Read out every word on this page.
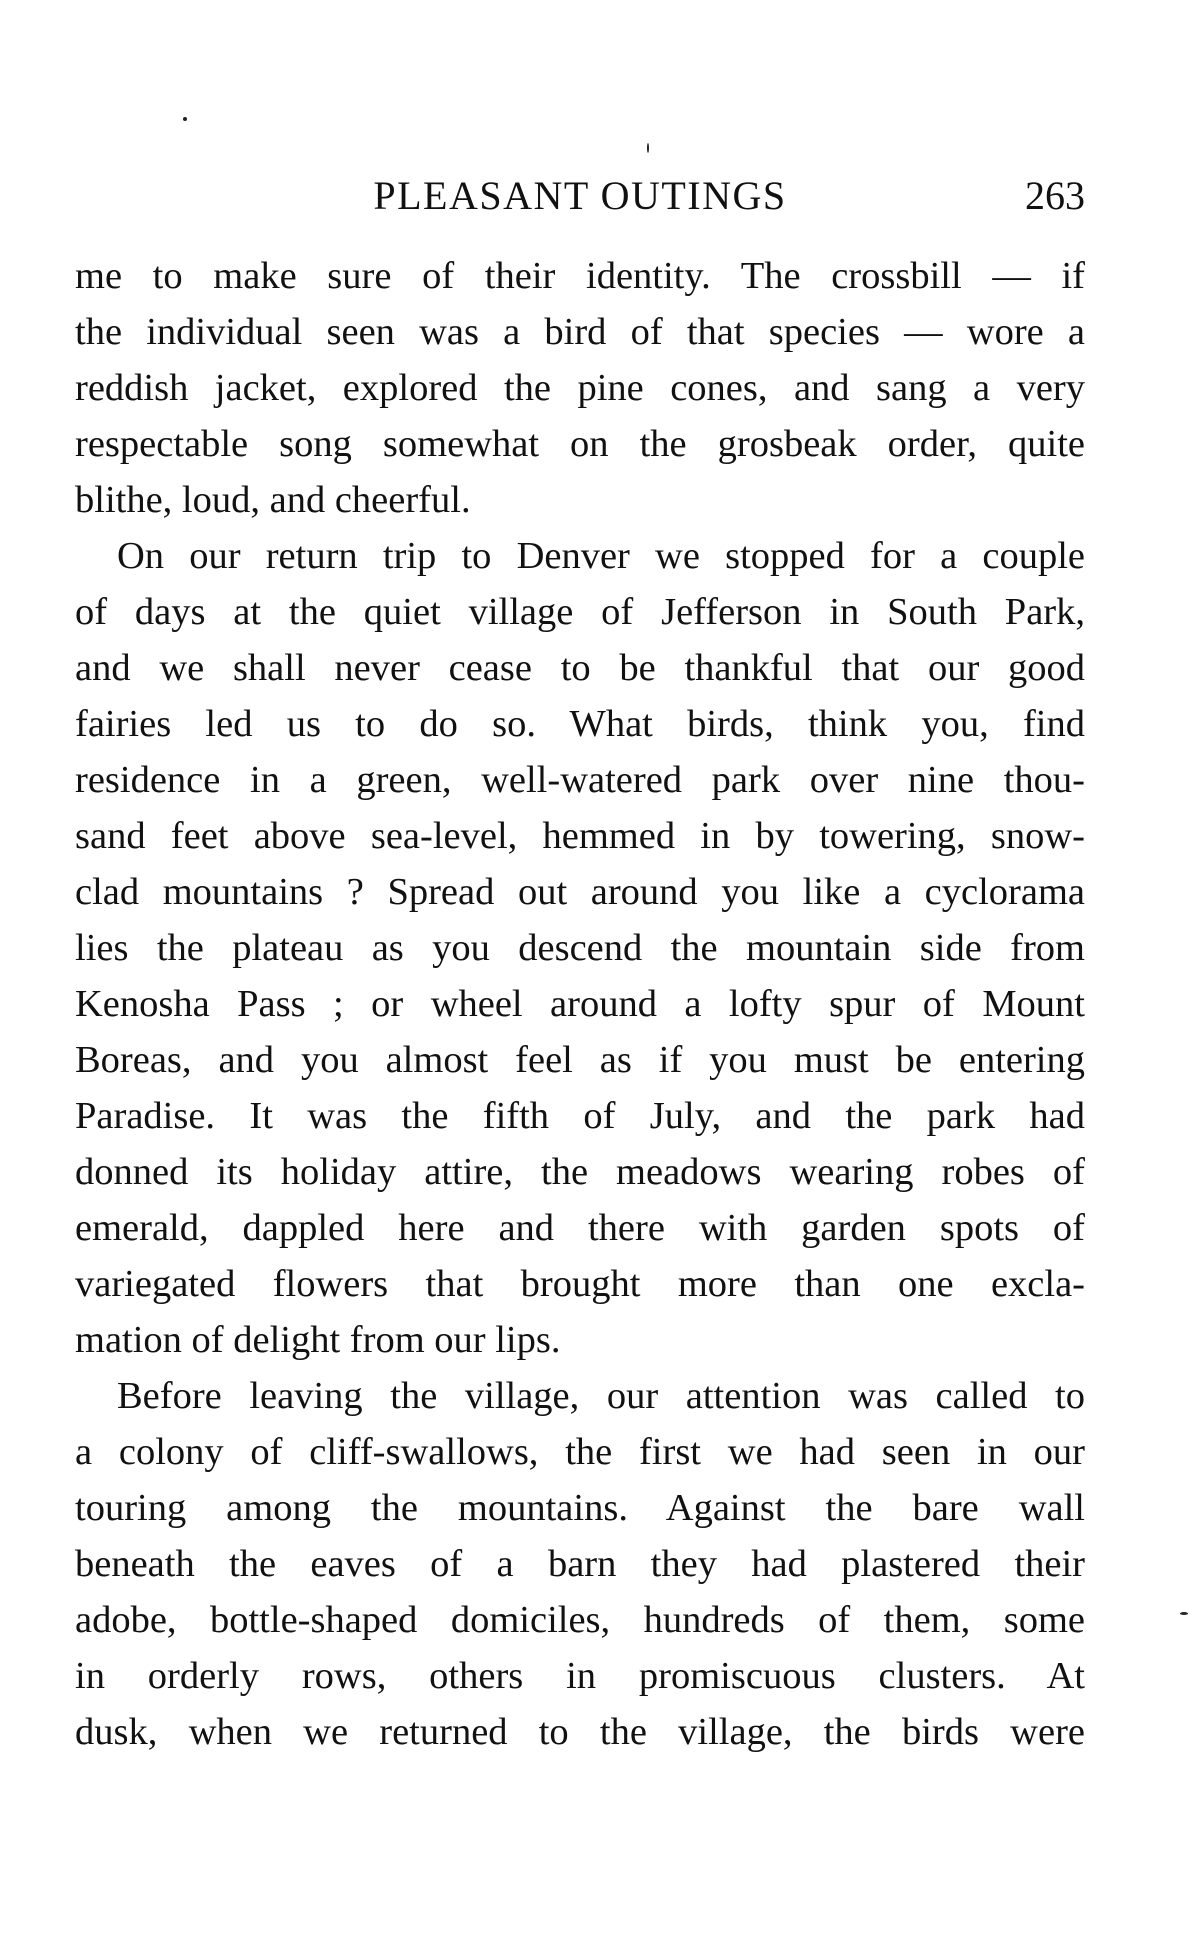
PLEASANT OUTINGS	263
me to make sure of their identity. The crossbill — if
the individual seen was a bird of that species — wore a
reddish jacket, explored the pine cones, and sang a very
respectable song somewhat on the grosbeak order, quite
blithe, loud, and cheerful.
On our return trip to Denver we stopped for a couple
of days at the quiet village of Jefferson in South Park,
and we shall never cease to be thankful that our good
fairies led us to do so. What birds, think you, find
residence in a green, well-watered park over nine thou-
sand feet above sea-level, hemmed in by towering, snow-
clad mountains ? Spread out around you like a cyclorama
lies the plateau as you descend the mountain side from
Kenosha Pass ; or wheel around a lofty spur of Mount
Boreas, and you almost feel as if you must be entering
Paradise. It was the fifth of July, and the park had
donned its holiday attire, the meadows wearing robes of
emerald, dappled here and there with garden spots of
variegated flowers that brought more than one excla-
mation of delight from our lips.
Before leaving the village, our attention was called to
a colony of cliff-swallows, the first we had seen in our
touring among the mountains. Against the bare wall
beneath the eaves of a barn they had plastered their
adobe, bottle-shaped domiciles, hundreds of them, some
in orderly rows, others in promiscuous clusters. At
dusk, when we returned to the village, the birds were
